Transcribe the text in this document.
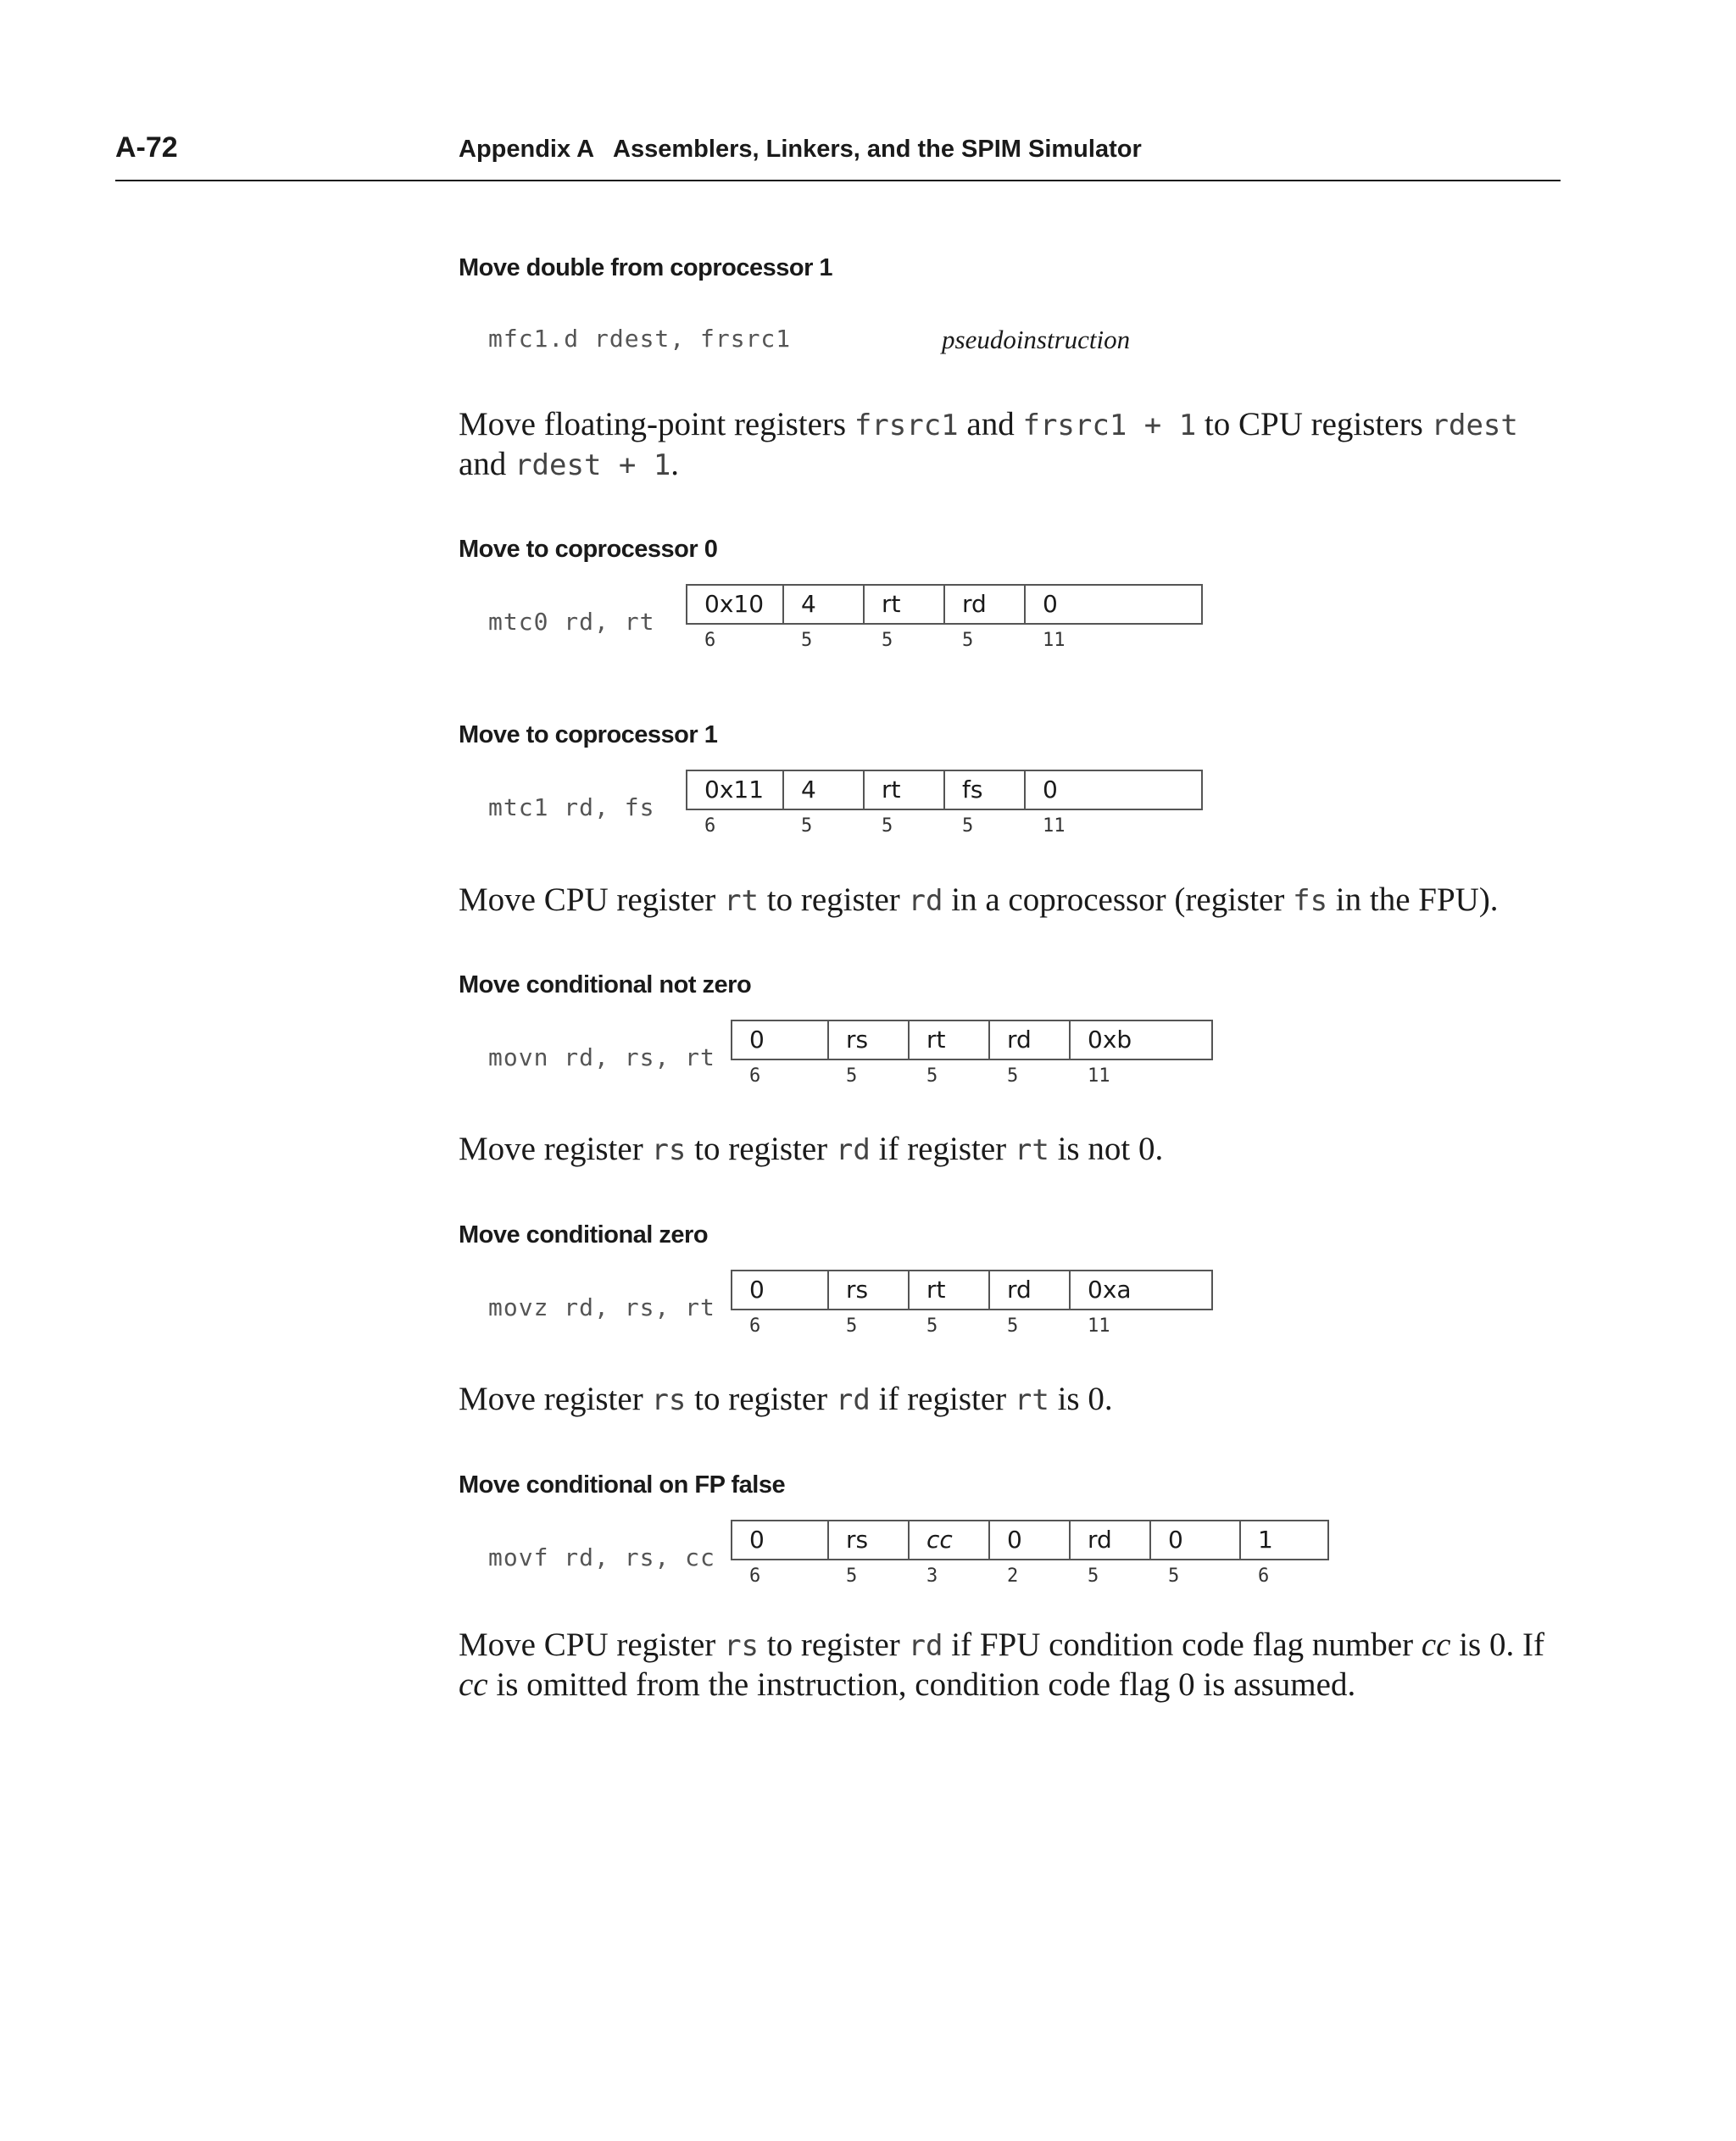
A-72	Appendix A   Assemblers, Linkers, and the SPIM Simulator
Move double from coprocessor 1
mfc1.d rdest, frsrc1	pseudoinstruction
Move floating-point registers frsrc1 and frsrc1 + 1 to CPU registers rdest and rdest + 1.
Move to coprocessor 0
mtc0 rd, rt
0x10	4	rt	rd	0
6	5	5	5	11
Move to coprocessor 1
mtc1 rd, fs
0x11	4	rt	fs	0
6	5	5	5	11
Move CPU register rt to register rd in a coprocessor (register fs in the FPU).
Move conditional not zero
movn rd, rs, rt
0	rs	rt	rd	0xb
6	5	5	5	11
Move register rs to register rd if register rt is not 0.
Move conditional zero
movz rd, rs, rt
0	rs	rt	rd	0xa
6	5	5	5	11
Move register rs to register rd if register rt is 0.
Move conditional on FP false
movf rd, rs, cc
0	rs	cc	0	rd	0	1
6	5	3	2	5	5	6
Move CPU register rs to register rd if FPU condition code flag number cc is 0. If cc is omitted from the instruction, condition code flag 0 is assumed.
